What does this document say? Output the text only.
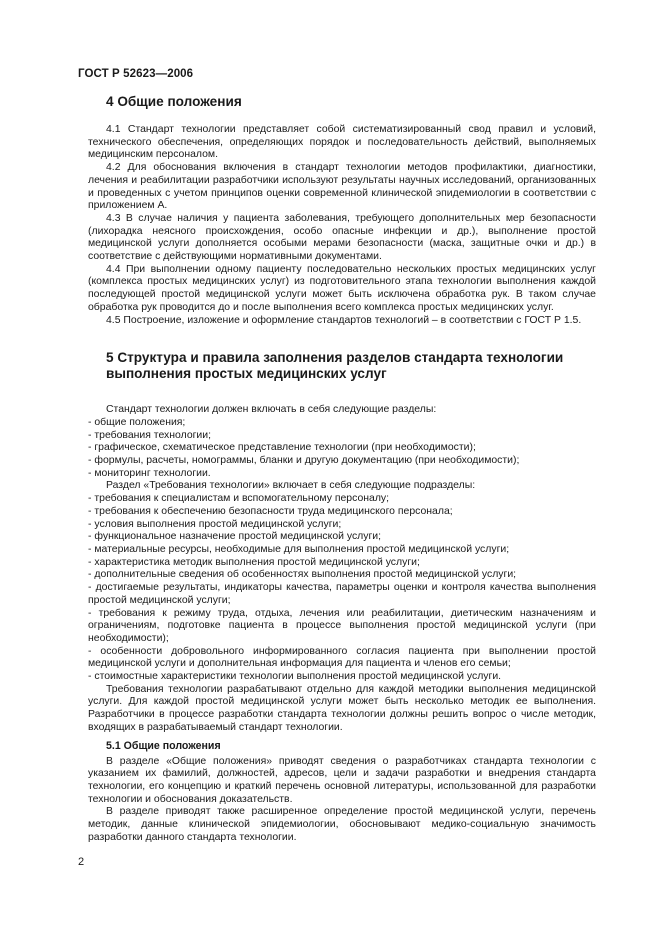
ГОСТ Р 52623—2006
4 Общие положения

4.1 Стандарт технологии представляет собой систематизированный свод правил и условий, технического обеспечения, определяющих порядок и последовательность действий, выполняемых медицинским персоналом.

4.2 Для обоснования включения в стандарт технологии методов профилактики, диагностики, лечения и реабилитации разработчики используют результаты научных исследований, организованных и проведенных с учетом принципов оценки современной клинической эпидемиологии в соответствии с приложением А.

4.3 В случае наличия у пациента заболевания, требующего дополнительных мер безопасности (лихорадка неясного происхождения, особо опасные инфекции и др.), выполнение простой медицинской услуги дополняется особыми мерами безопасности (маска, защитные очки и др.) в соответствие с действующими нормативными документами.

4.4 При выполнении одному пациенту последовательно нескольких простых медицинских услуг (комплекса простых медицинских услуг) из подготовительного этапа технологии выполнения каждой последующей простой медицинской услуги может быть исключена обработка рук. В таком случае обработка рук проводится до и после выполнения всего комплекса простых медицинских услуг.

4.5 Построение, изложение и оформление стандартов технологий – в соответствии с ГОСТ Р 1.5.

5 Структура и правила заполнения разделов стандарта технологии выполнения простых медицинских услуг

Стандарт технологии должен включать в себя следующие разделы:

- общие положения;

- требования технологии;

- графическое, схематическое представление технологии (при необходимости);

- формулы, расчеты, номограммы, бланки и другую документацию (при необходимости);

- мониторинг технологии.

Раздел «Требования технологии» включает в себя следующие подразделы:

- требования к специалистам и вспомогательному персоналу;

- требования к обеспечению безопасности труда медицинского персонала;

- условия выполнения простой медицинской услуги;

- функциональное назначение простой медицинской услуги;

- материальные ресурсы, необходимые для выполнения простой медицинской услуги;

- характеристика методик выполнения простой медицинской услуги;

- дополнительные сведения об особенностях выполнения простой медицинской услуги;

- достигаемые результаты, индикаторы качества, параметры оценки и контроля качества выполнения простой медицинской услуги;

- требования к режиму труда, отдыха, лечения или реабилитации, диетическим назначениям и ограничениям, подготовке пациента в процессе выполнения простой медицинской услуги (при необходимости);

- особенности добровольного информированного согласия пациента при выполнении простой медицинской услуги и дополнительная информация для пациента и членов его семьи;

- стоимостные характеристики технологии выполнения простой медицинской услуги.

Требования технологии разрабатывают отдельно для каждой методики выполнения медицинской услуги. Для каждой простой медицинской услуги может быть несколько методик ее выполнения. Разработчики в процессе разработки стандарта технологии должны решить вопрос о числе методик, входящих в разрабатываемый стандарт технологии.

5.1 Общие положения

В разделе «Общие положения» приводят сведения о разработчиках стандарта технологии с указанием их фамилий, должностей, адресов, цели и задачи разработки и внедрения стандарта технологии, его концепцию и краткий перечень основной литературы, использованной для разработки технологии и обоснования доказательств.

В разделе приводят также расширенное определение простой медицинской услуги, перечень методик, данные клинической эпидемиологии, обосновывают медико-социальную значимость разработки данного стандарта технологии.

2
